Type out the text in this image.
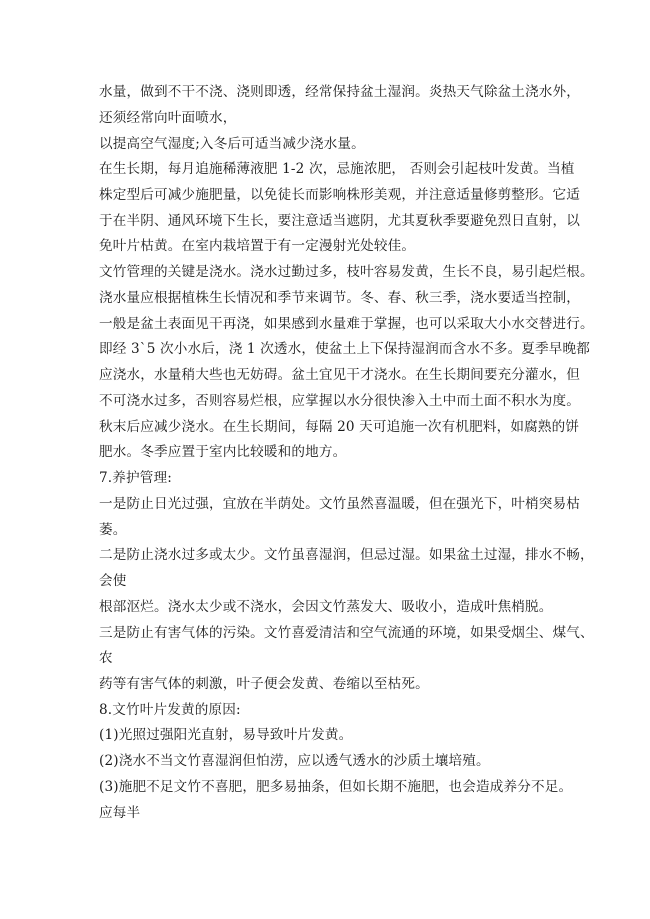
水量，做到不干不浇、浇则即透，经常保持盆土湿润。炎热天气除盆土浇水外，
还须经常向叶面喷水，
以提高空气湿度;入冬后可适当减少浇水量。
在生长期，每月追施稀薄液肥 1-2 次，忌施浓肥， 否则会引起枝叶发黄。当植
株定型后可减少施肥量，以免徒长而影响株形美观，并注意适量修剪整形。它适
于在半阴、通风环境下生长，要注意适当遮阴，尤其夏秋季要避免烈日直射，以
免叶片枯黄。在室内栽培置于有一定漫射光处较佳。
文竹管理的关键是浇水。浇水过勤过多，枝叶容易发黄，生长不良，易引起烂根。
浇水量应根据植株生长情况和季节来调节。冬、春、秋三季，浇水要适当控制，
一般是盆土表面见干再浇，如果感到水量难于掌握，也可以采取大小水交替进行。
即经 3`5 次小水后，浇 1 次透水，使盆土上下保持湿润而含水不多。夏季早晚都
应浇水，水量稍大些也无妨碍。盆土宜见干才浇水。在生长期间要充分灌水，但
不可浇水过多，否则容易烂根，应掌握以水分很快渗入土中而土面不积水为度。
秋末后应减少浇水。在生长期间，每隔 20 天可追施一次有机肥料，如腐熟的饼
肥水。冬季应置于室内比较暖和的地方。
7.养护管理:
一是防止日光过强，宜放在半荫处。文竹虽然喜温暖，但在强光下，叶梢突易枯
萎。
二是防止浇水过多或太少。文竹虽喜湿润，但忌过湿。如果盆土过湿，排水不畅，
会使
根部沤烂。浇水太少或不浇水，会因文竹蒸发大、吸收小，造成叶焦梢脱。
三是防止有害气体的污染。文竹喜爱清洁和空气流通的环境，如果受烟尘、煤气、
农
药等有害气体的刺激，叶子便会发黄、卷缩以至枯死。
8.文竹叶片发黄的原因:
(1)光照过强阳光直射，易导致叶片发黄。
(2)浇水不当文竹喜湿润但怕涝，应以透气透水的沙质土壤培殖。
(3)施肥不足文竹不喜肥，肥多易抽条，但如长期不施肥，也会造成养分不足。
应每半
